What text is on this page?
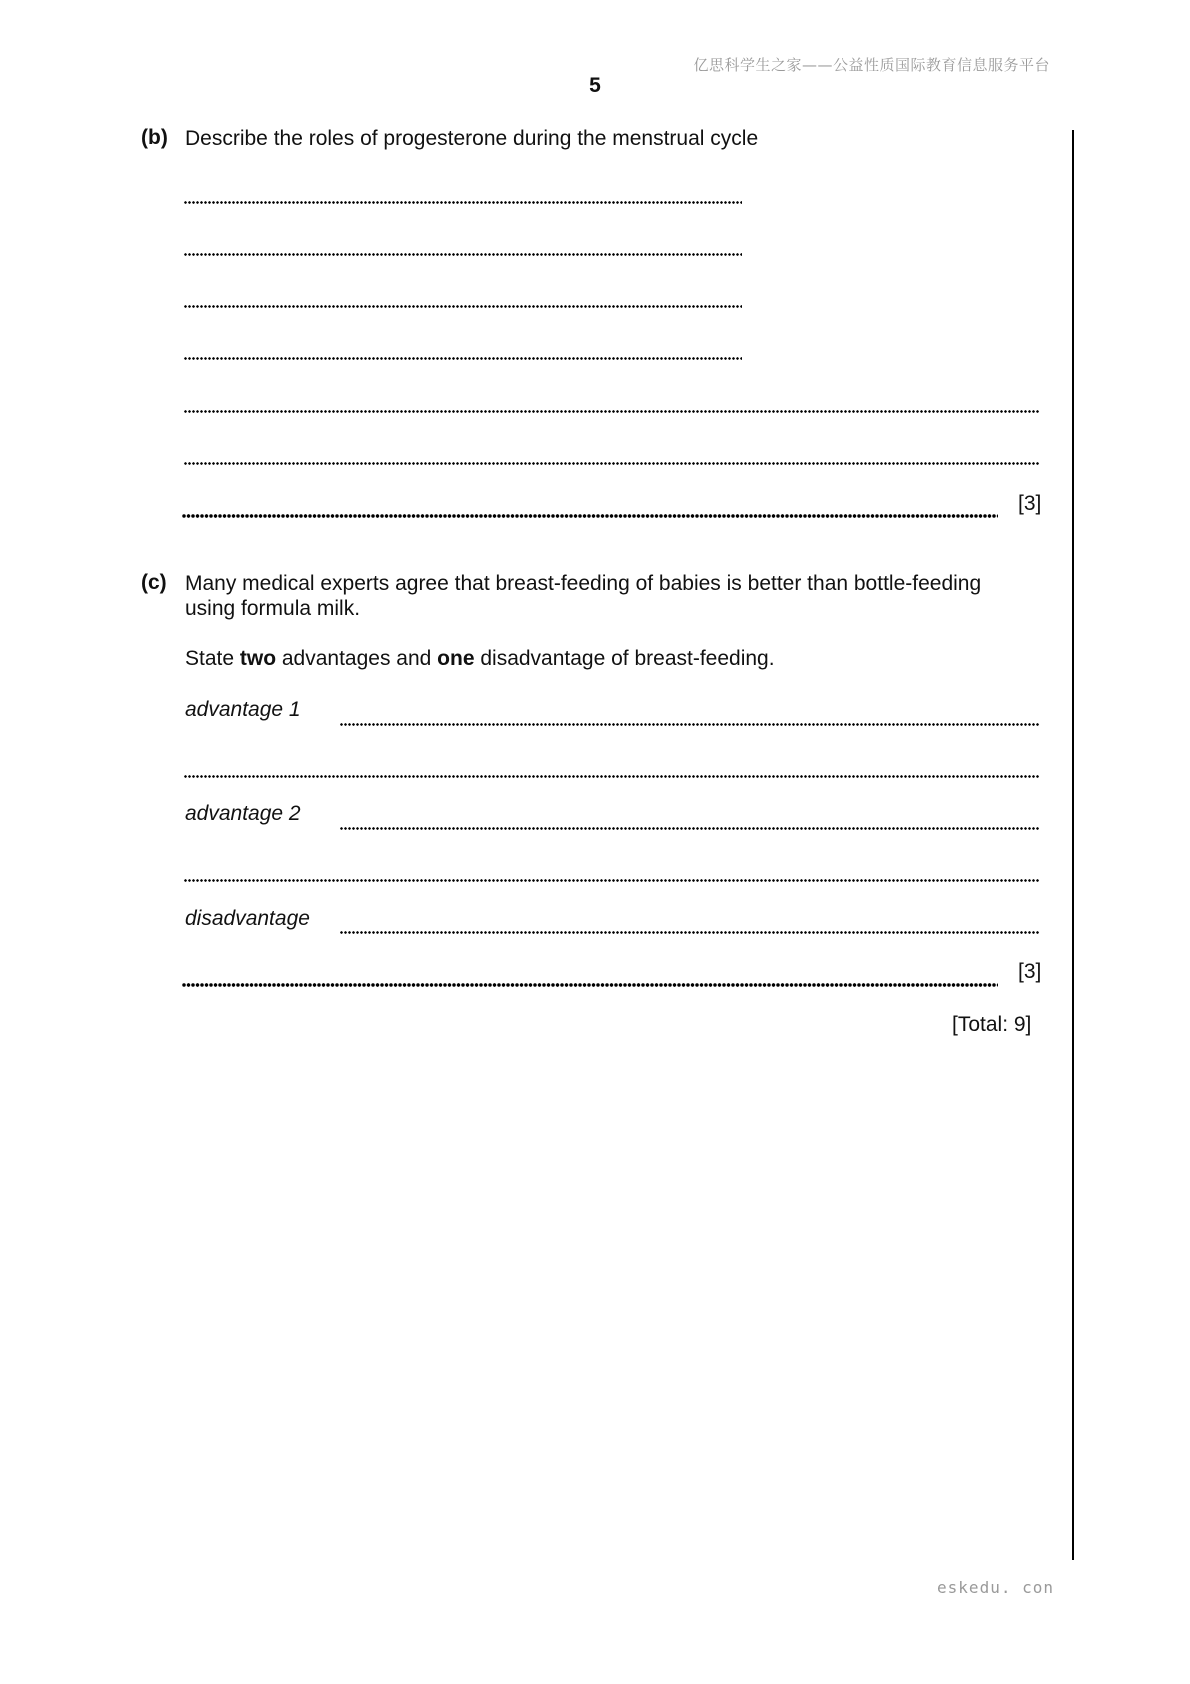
亿思科学生之家——公益性质国际教育信息服务平台
5
(b) Describe the roles of progesterone during the menstrual cycle
[3]
(c) Many medical experts agree that breast-feeding of babies is better than bottle-feeding
using formula milk.
State two advantages and one disadvantage of breast-feeding.
advantage 1
advantage 2
disadvantage
[3]
[Total: 9]
eskedu. con
